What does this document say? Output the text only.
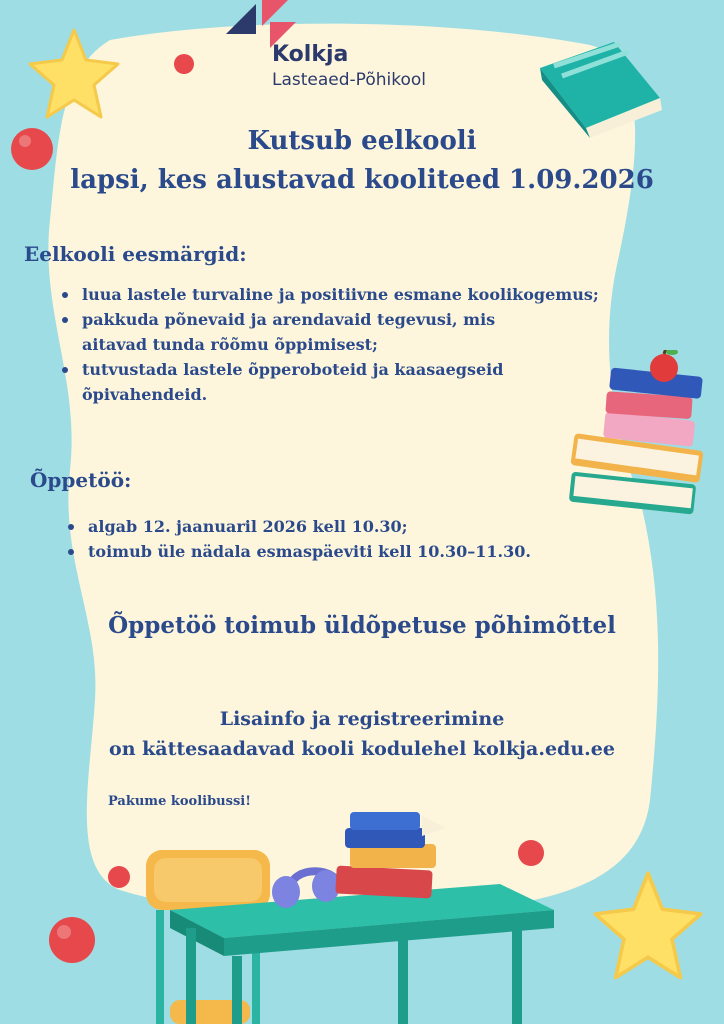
Kolkja
Lasteaed-Põhikool
Kutsub eelkooli
lapsi, kes alustavad kooliteed 1.09.2026
Eelkooli eesmärgid:
luua lastele turvaline ja positiivne esmane koolikogemus;
pakkuda põnevaid ja arendavaid tegevusi, mis aitavad tunda rõõmu õppimisest;
tutvustada lastele õpperoboteid ja kaasaegseid õpivahendeid.
Õppetöö:
algab 12. jaanuaril 2026 kell 10.30;
toimub üle nädala esmaspäeviti kell 10.30–11.30.
Õppetöö toimub üldõpetuse põhimõttel
Lisainfo ja registreerimine
on kättesaadavad kooli kodulehel kolkja.edu.ee
Pakume koolibussi!
